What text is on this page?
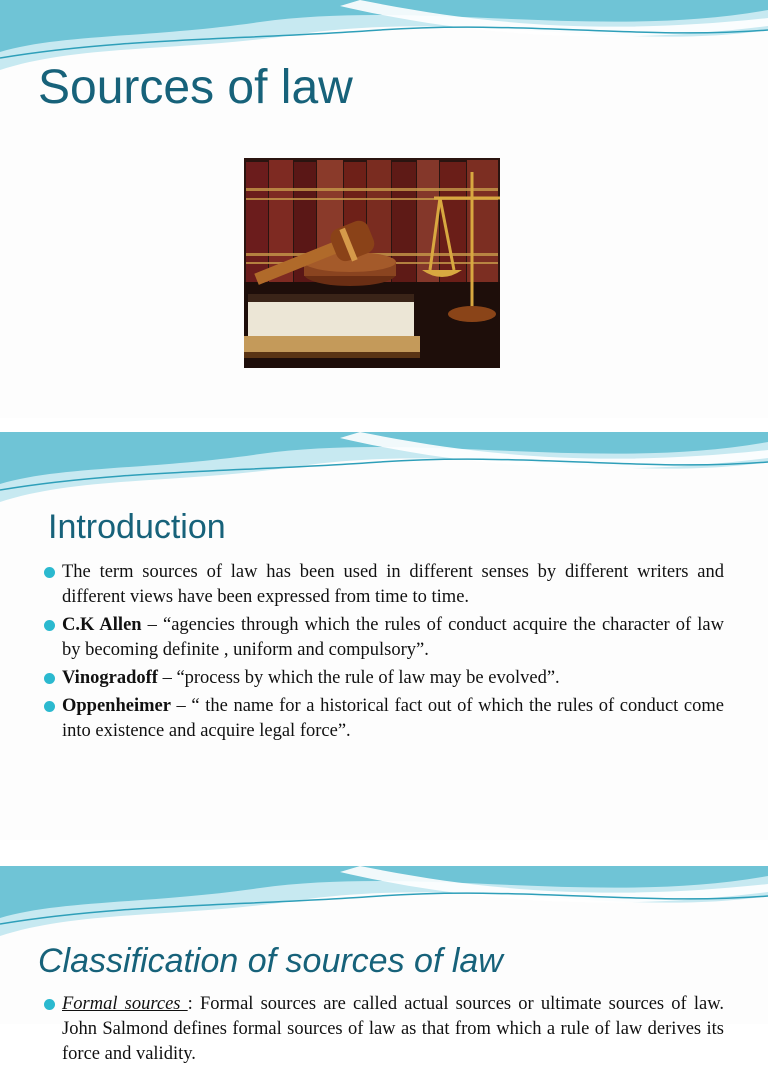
Sources of law
Introduction
The term sources of law has been used in different senses by different writers and different views have been expressed from time to time.
C.K Allen – “agencies through which the rules of conduct acquire the character of law by becoming definite , uniform and compulsory”.
Vinogradoff – “process by which the rule of law may be evolved”.
Oppenheimer – “ the name for a historical fact out of which the rules of conduct come into existence and acquire legal force”.
Classification of sources of law
Formal sources : Formal sources are called actual sources or ultimate sources of law. John Salmond defines formal sources of law as that from which a rule of law derives its force and validity.
